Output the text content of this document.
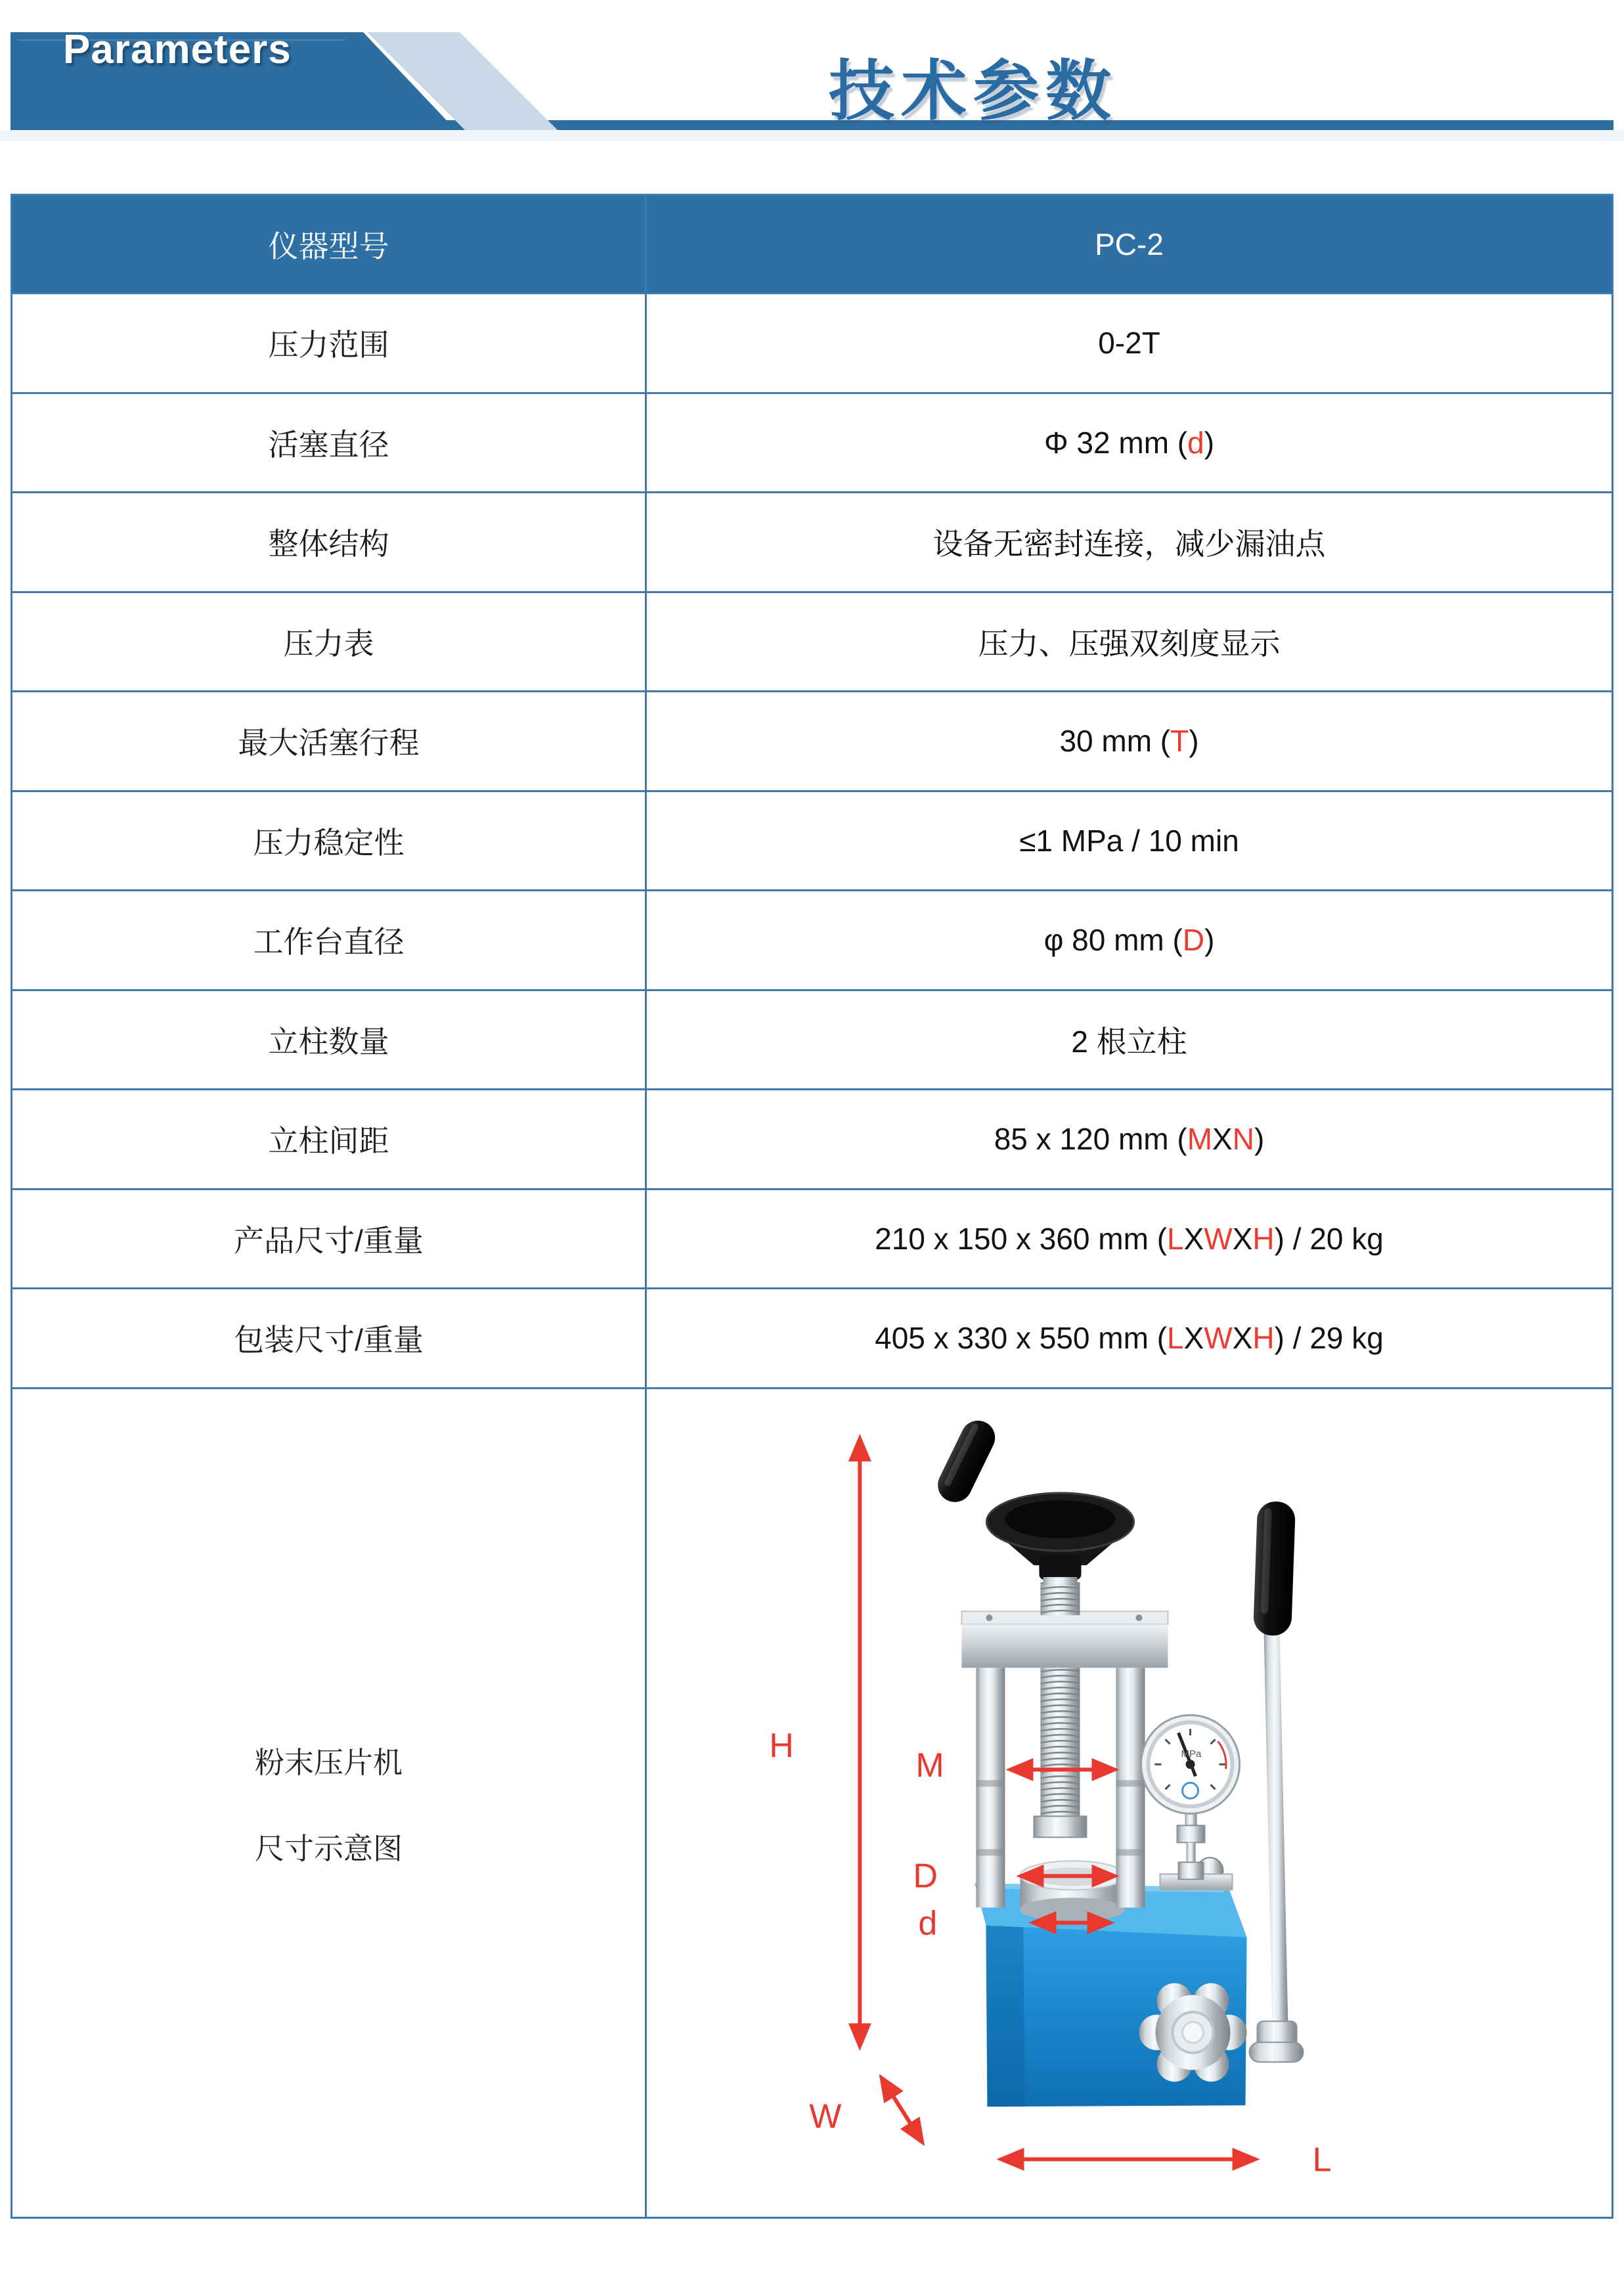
Parameters
技术参数
仪器型号	PC-2
压力范围	0-2T
活塞直径	Φ 32 mm ( d )
整体结构	设备无密封连接，减少漏油点
压力表	压力、压强双刻度显示
最大活塞行程	30 mm ( T )
压力稳定性	≤1 MPa / 10 min
工作台直径	φ 80 mm ( D )
立柱数量	2 根立柱
立柱间距	85 x 120 mm ( M X N )
产品尺寸/重量	210 x 150 x 360 mm ( L X W X H ) / 20 kg
包装尺寸/重量	405 x 330 x 550 mm ( L X W X H ) / 29 kg
粉末压片机
尺寸示意图
H	MPa
M
D
d
W
L
